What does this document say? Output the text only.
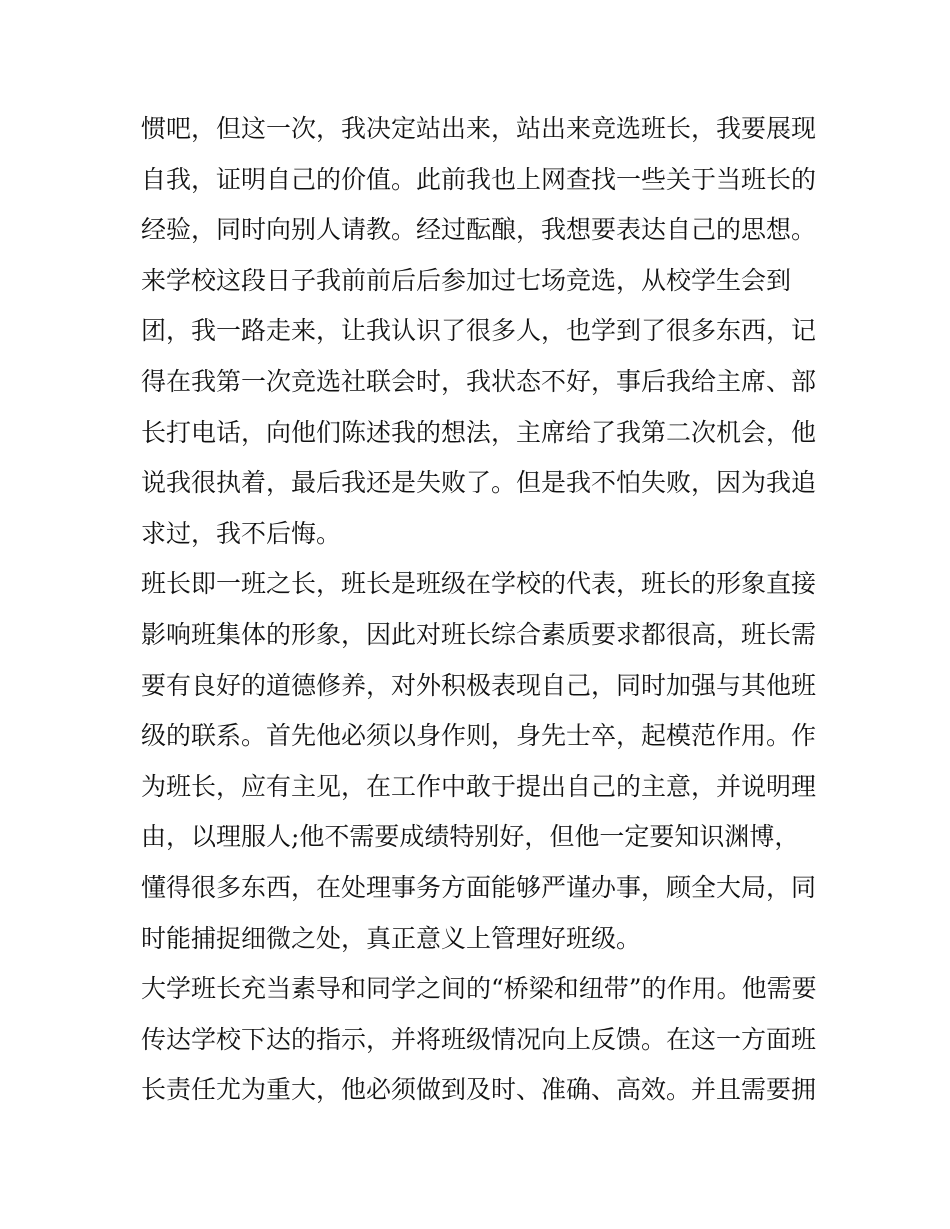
惯吧，但这一次，我决定站出来，站出来竞选班长，我要展现
自我，证明自己的价值。此前我也上网查找一些关于当班长的
经验，同时向别人请教。经过酝酿，我想要表达自己的思想。
来学校这段日子我前前后后参加过七场竞选，从校学生会到
团，我一路走来，让我认识了很多人，也学到了很多东西，记
得在我第一次竞选社联会时，我状态不好，事后我给主席、部
长打电话，向他们陈述我的想法，主席给了我第二次机会，他
说我很执着，最后我还是失败了。但是我不怕失败，因为我追
求过，我不后悔。
班长即一班之长，班长是班级在学校的代表，班长的形象直接
影响班集体的形象，因此对班长综合素质要求都很高，班长需
要有良好的道德修养，对外积极表现自己，同时加强与其他班
级的联系。首先他必须以身作则，身先士卒，起模范作用。作
为班长，应有主见，在工作中敢于提出自己的主意，并说明理
由，以理服人;他不需要成绩特别好，但他一定要知识渊博，
懂得很多东西，在处理事务方面能够严谨办事，顾全大局，同
时能捕捉细微之处，真正意义上管理好班级。
大学班长充当素导和同学之间的“桥梁和纽带”的作用。他需要
传达学校下达的指示，并将班级情况向上反馈。在这一方面班
长责任尤为重大，他必须做到及时、准确、高效。并且需要拥
